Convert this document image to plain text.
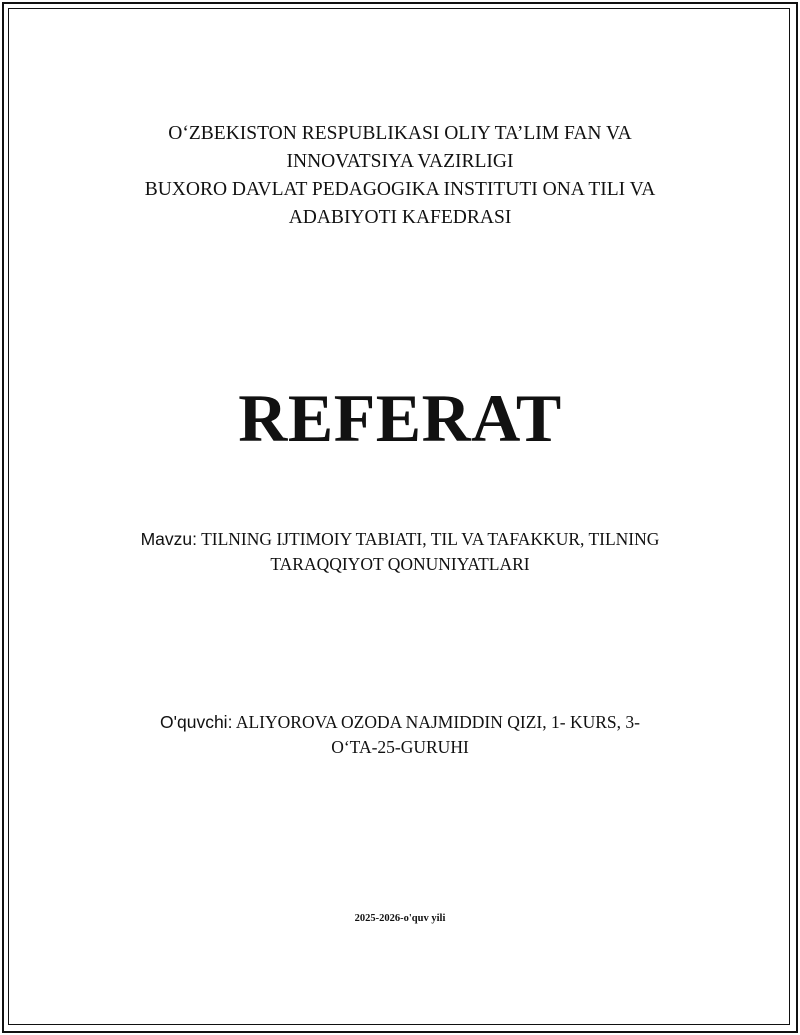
O‘ZBEKISTON RESPUBLIKASI OLIY TA’LIM FAN VA

INNOVATSIYA VAZIRLIGI

BUXORO DAVLAT PEDAGOGIKA INSTITUTI ONA TILI VA

ADABIYOTI KAFEDRASI

REFERAT
Mavzu: TILNING IJTIMOIY TABIATI, TIL VA TAFAKKUR, TILNING TARAQQIYOT QONUNIYATLARI
O'quvchi: ALIYOROVA OZODA NAJMIDDIN QIZI, 1- KURS, 3-O‘TA-25-GURUHI
2025-2026-o'quv yili
